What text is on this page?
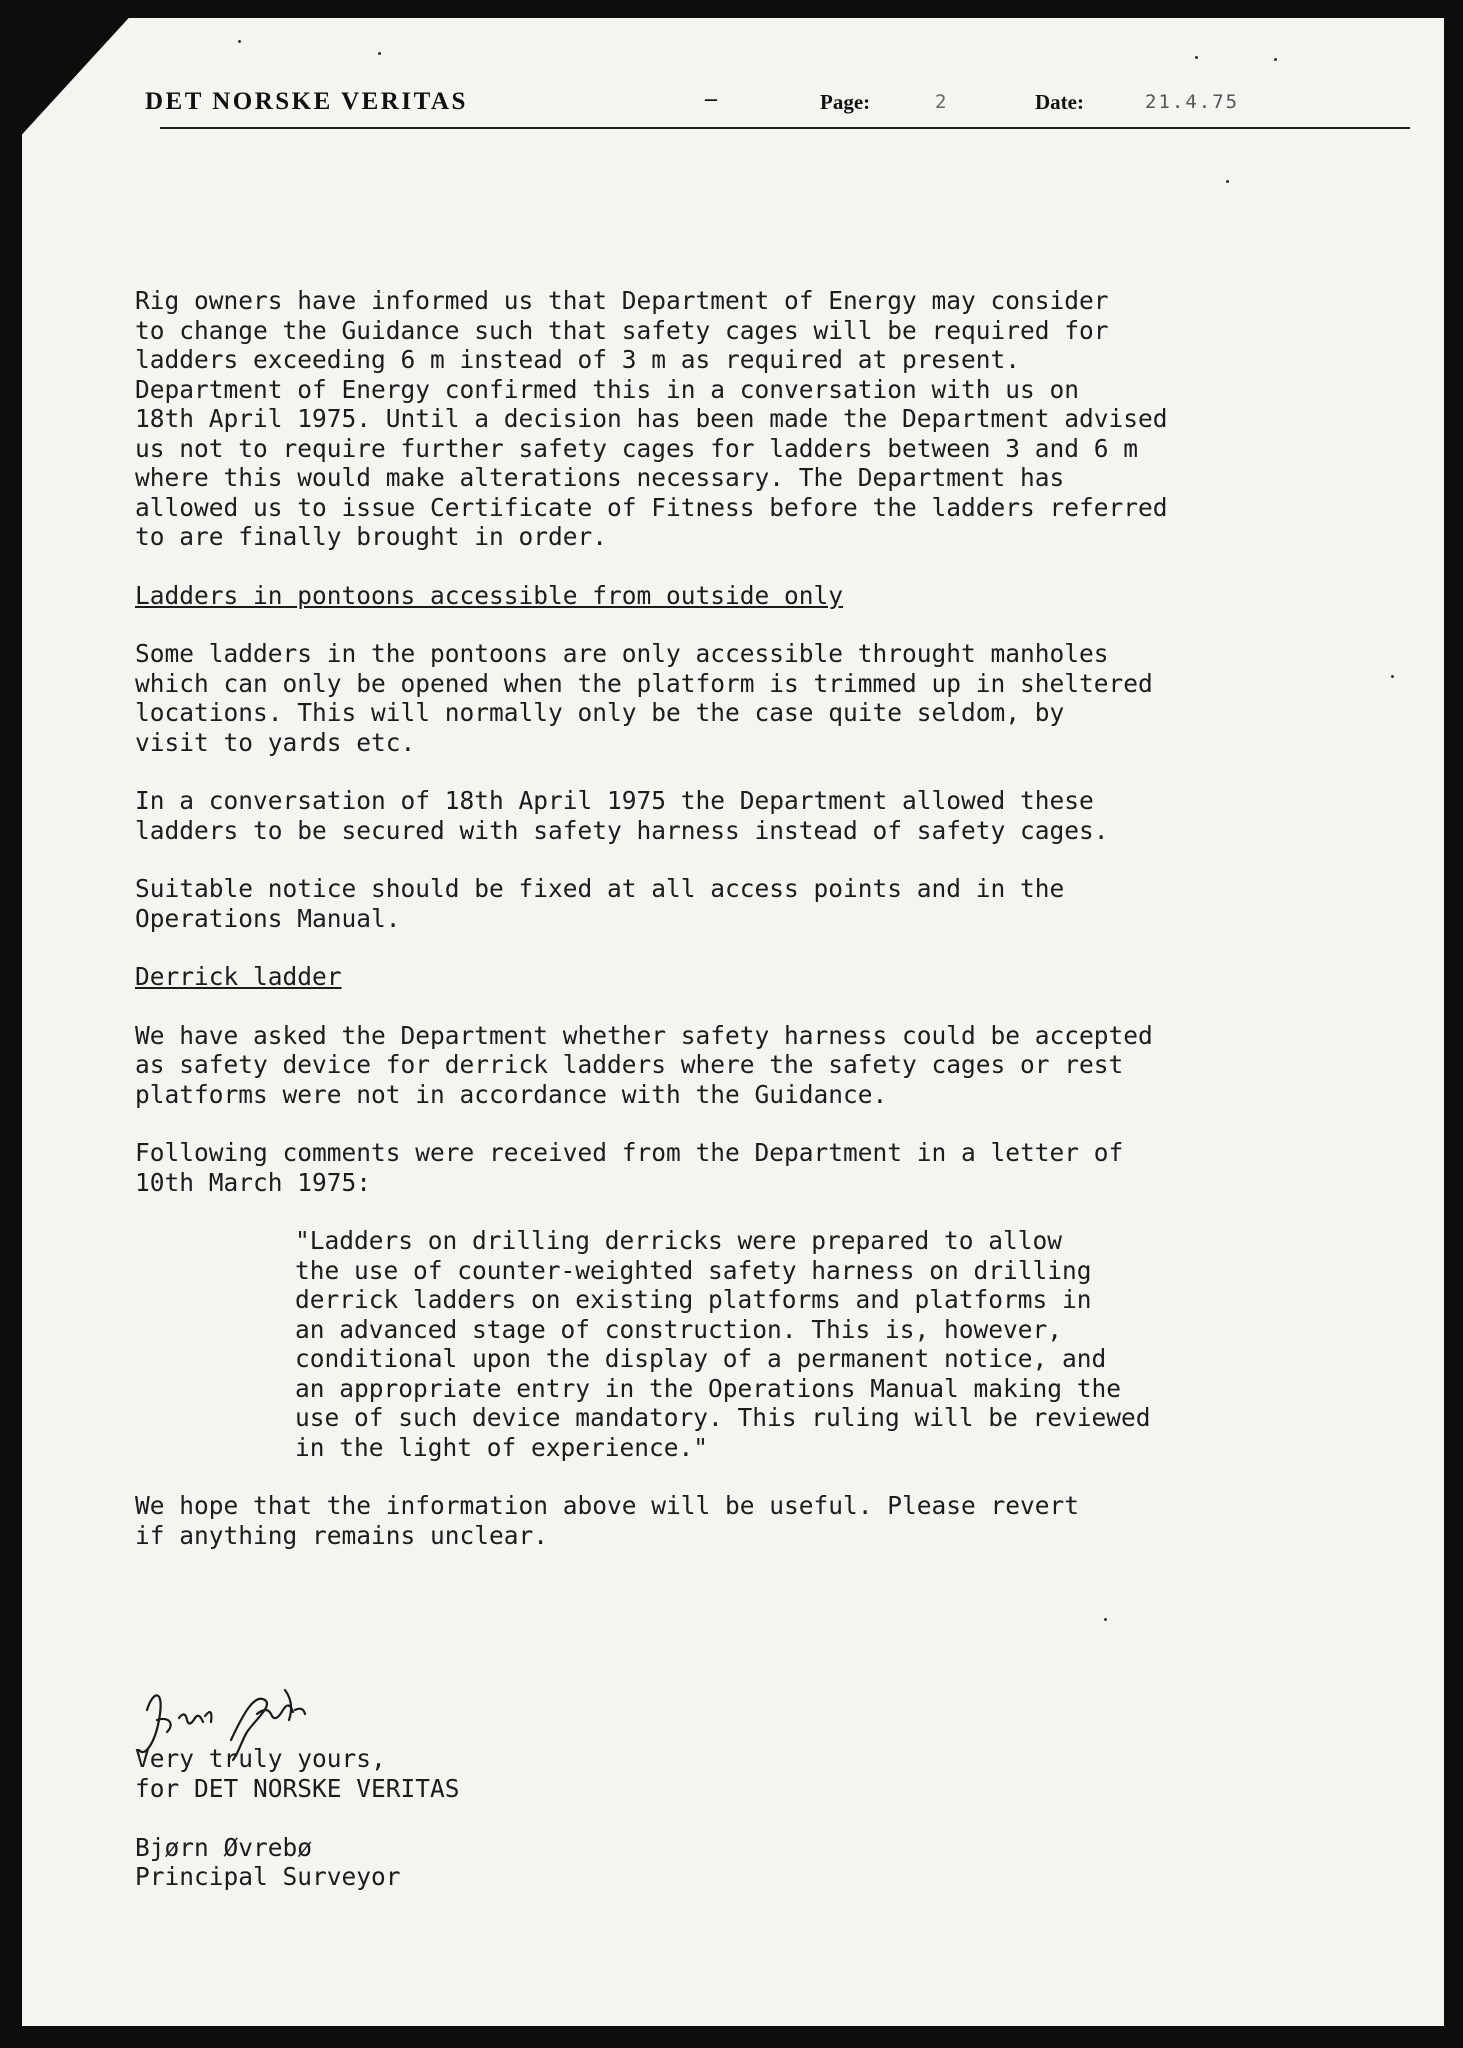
DET NORSKE VERITAS	–	Page:	2	Date:	21.4.75

Rig owners have informed us that Department of Energy may consider
to change the Guidance such that safety cages will be required for
ladders exceeding 6 m instead of 3 m as required at present.
Department of Energy confirmed this in a conversation with us on
18th April 1975. Until a decision has been made the Department advised
us not to require further safety cages for ladders between 3 and 6 m
where this would make alterations necessary. The Department has
allowed us to issue Certificate of Fitness before the ladders referred
to are finally brought in order.

Ladders in pontoons accessible from outside only

Some ladders in the pontoons are only accessible throught manholes
which can only be opened when the platform is trimmed up in sheltered
locations. This will normally only be the case quite seldom, by
visit to yards etc.

In a conversation of 18th April 1975 the Department allowed these
ladders to be secured with safety harness instead of safety cages.

Suitable notice should be fixed at all access points and in the
Operations Manual.

Derrick ladder

We have asked the Department whether safety harness could be accepted
as safety device for derrick ladders where the safety cages or rest
platforms were not in accordance with the Guidance.

Following comments were received from the Department in a letter of
10th March 1975:

"Ladders on drilling derricks were prepared to allow
the use of counter-weighted safety harness on drilling
derrick ladders on existing platforms and platforms in
an advanced stage of construction. This is, however,
conditional upon the display of a permanent notice, and
an appropriate entry in the Operations Manual making the
use of such device mandatory. This ruling will be reviewed
in the light of experience."

We hope that the information above will be useful. Please revert
if anything remains unclear.

Very truly yours,
for DET NORSKE VERITAS

Bjørn Øvrebø
Principal Surveyor
